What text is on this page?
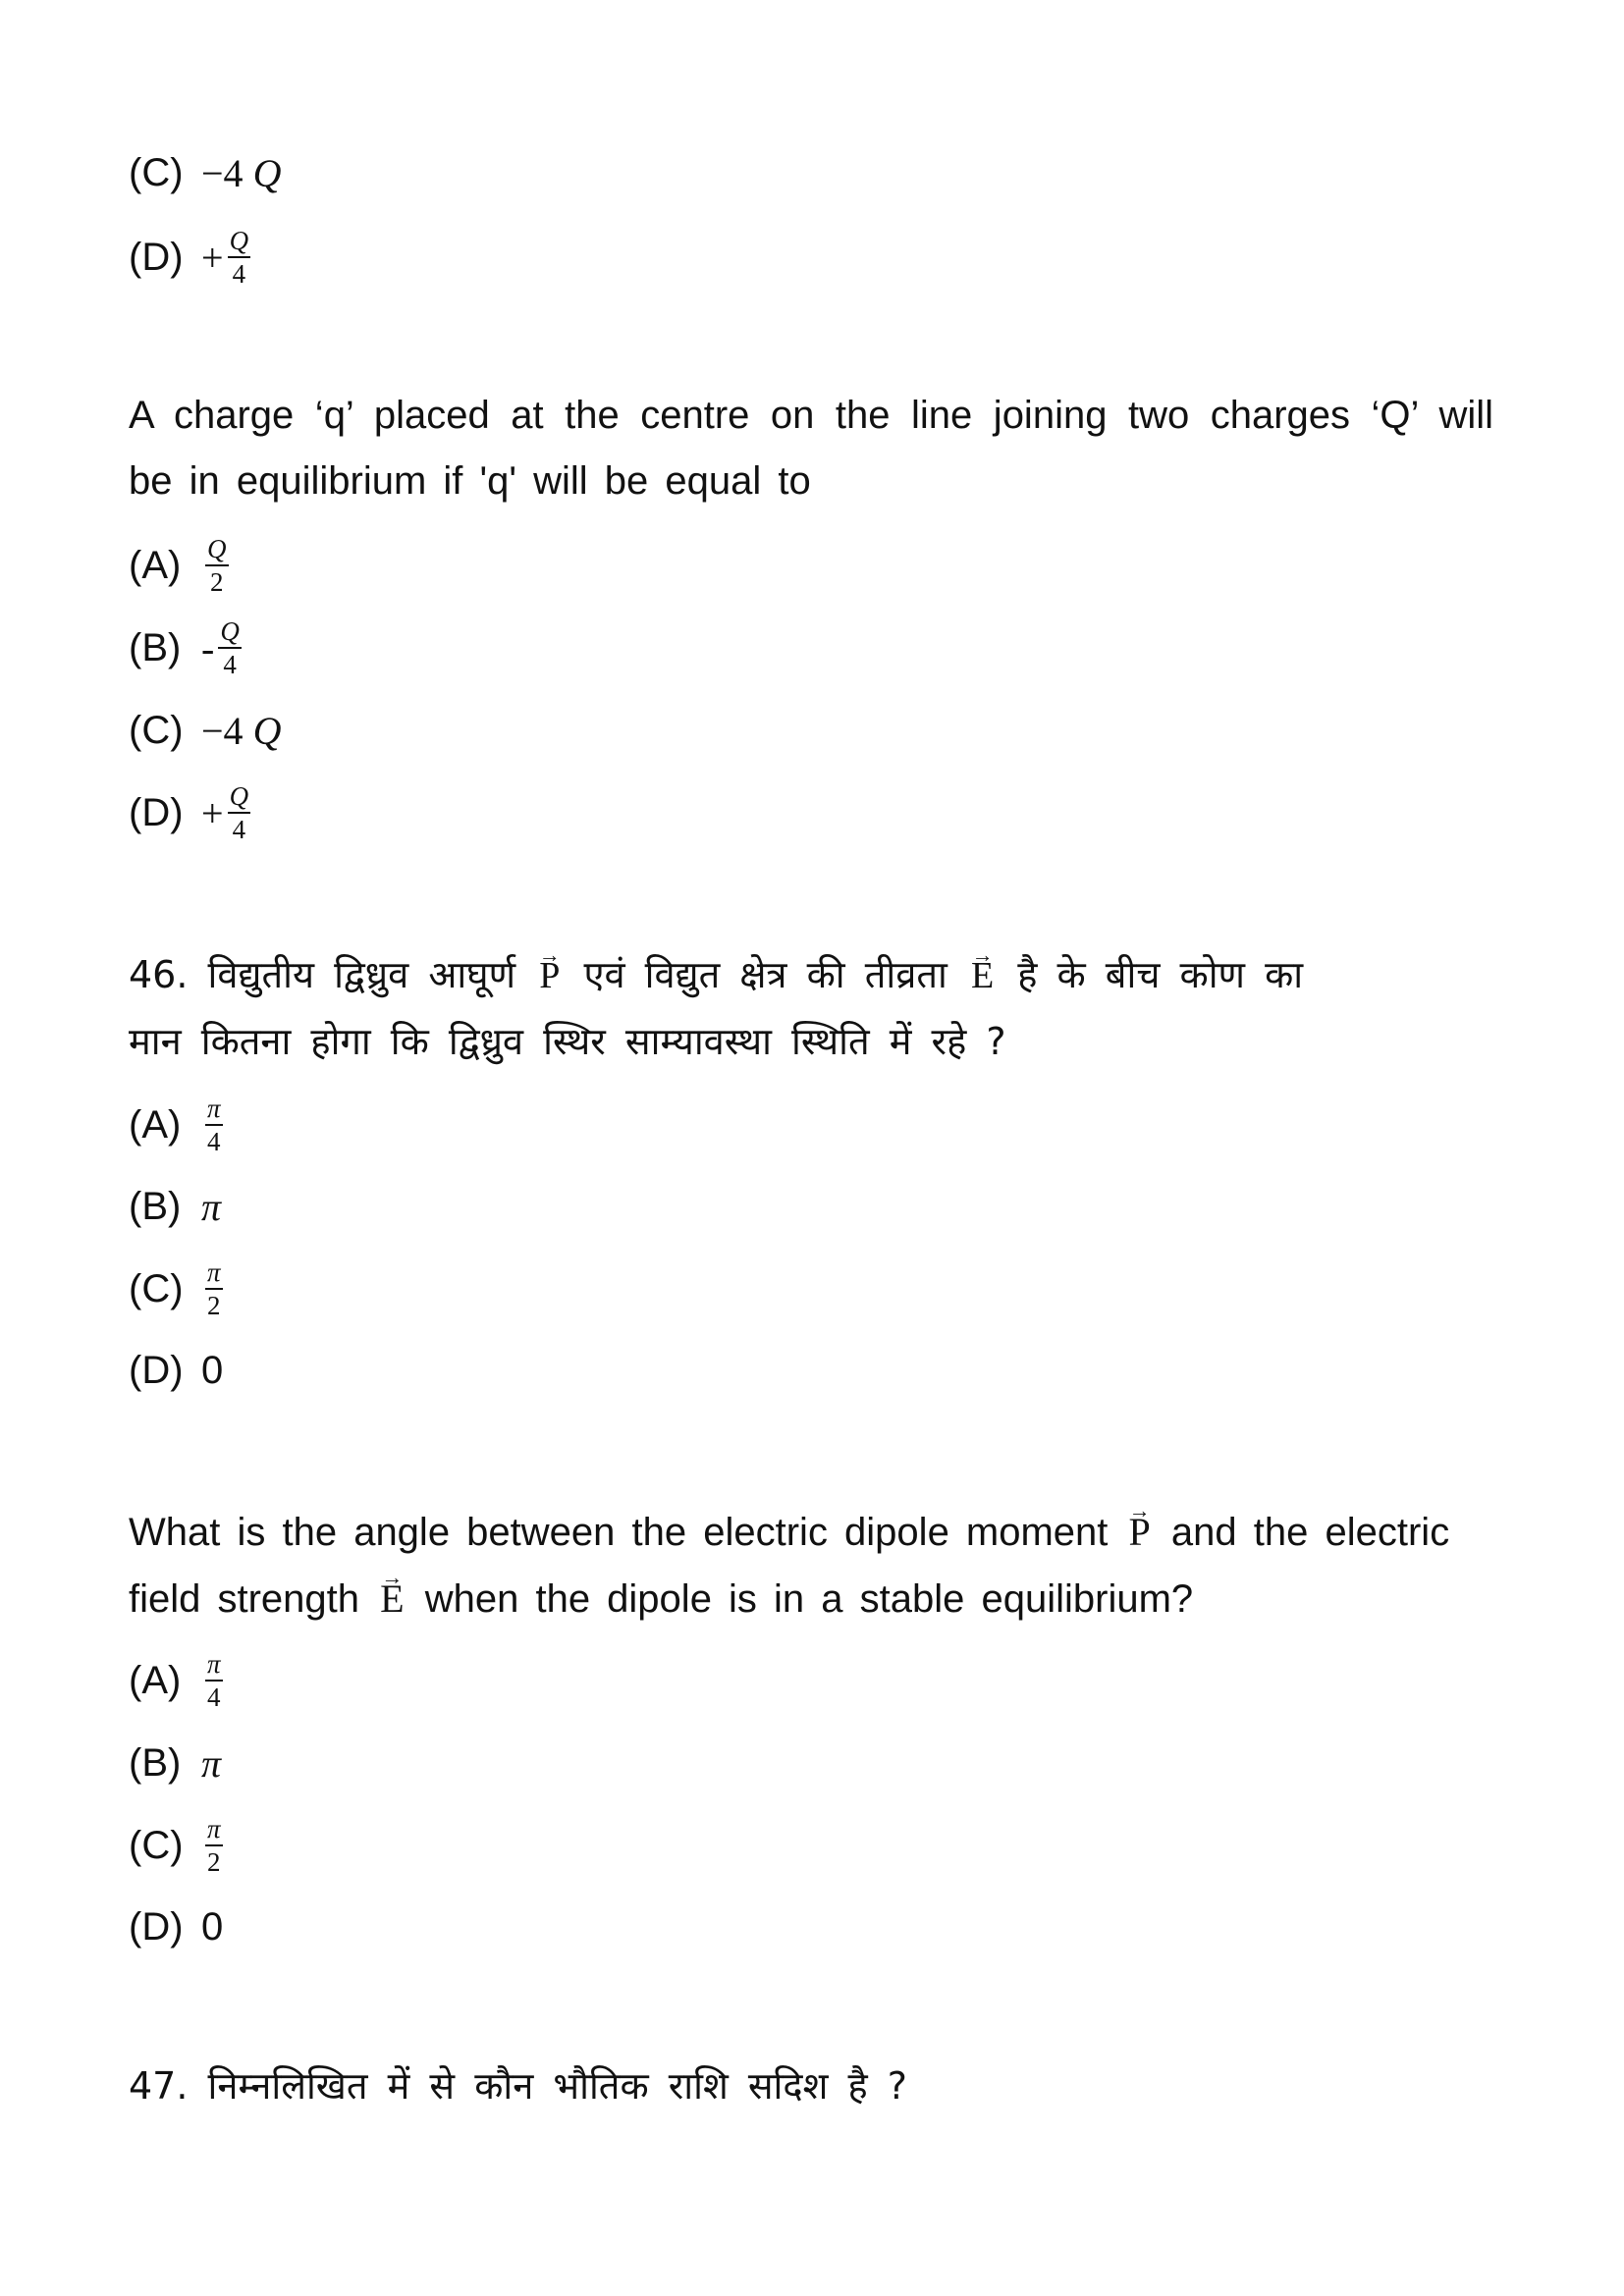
(C) −4
Q
$(D) + \frac{Q}{4}$
A charge ‘q’ placed at the centre on the line joining two charges ‘Q’ will be in equilibrium if 'q' will be equal to
$(A) \frac{Q}{2}$
$(B) - \frac{Q}{4}$
(C) −4
Q
$(D) + \frac{Q}{4}$
46. विद्युतीय द्विध्रुव आघूर्ण → P एवं विद्युत क्षेत्र की तीव्रता → E है के बीच कोण का
मान कितना होगा कि द्विध्रुव स्थिर साम्यावस्था स्थिति में रहे ?
$(A) \frac{\pi}{4}$
(B) π
$(C) \frac{\pi}{2}$
(D) 0
What is the angle between the electric dipole moment → P and the electric
field strength → E when the dipole is in a stable equilibrium?
$(A) \frac{\pi}{4}$
(B) π
$(C) \frac{\pi}{2}$
(D) 0
47. निम्नलिखित में से कौन भौतिक राशि सदिश है ?
